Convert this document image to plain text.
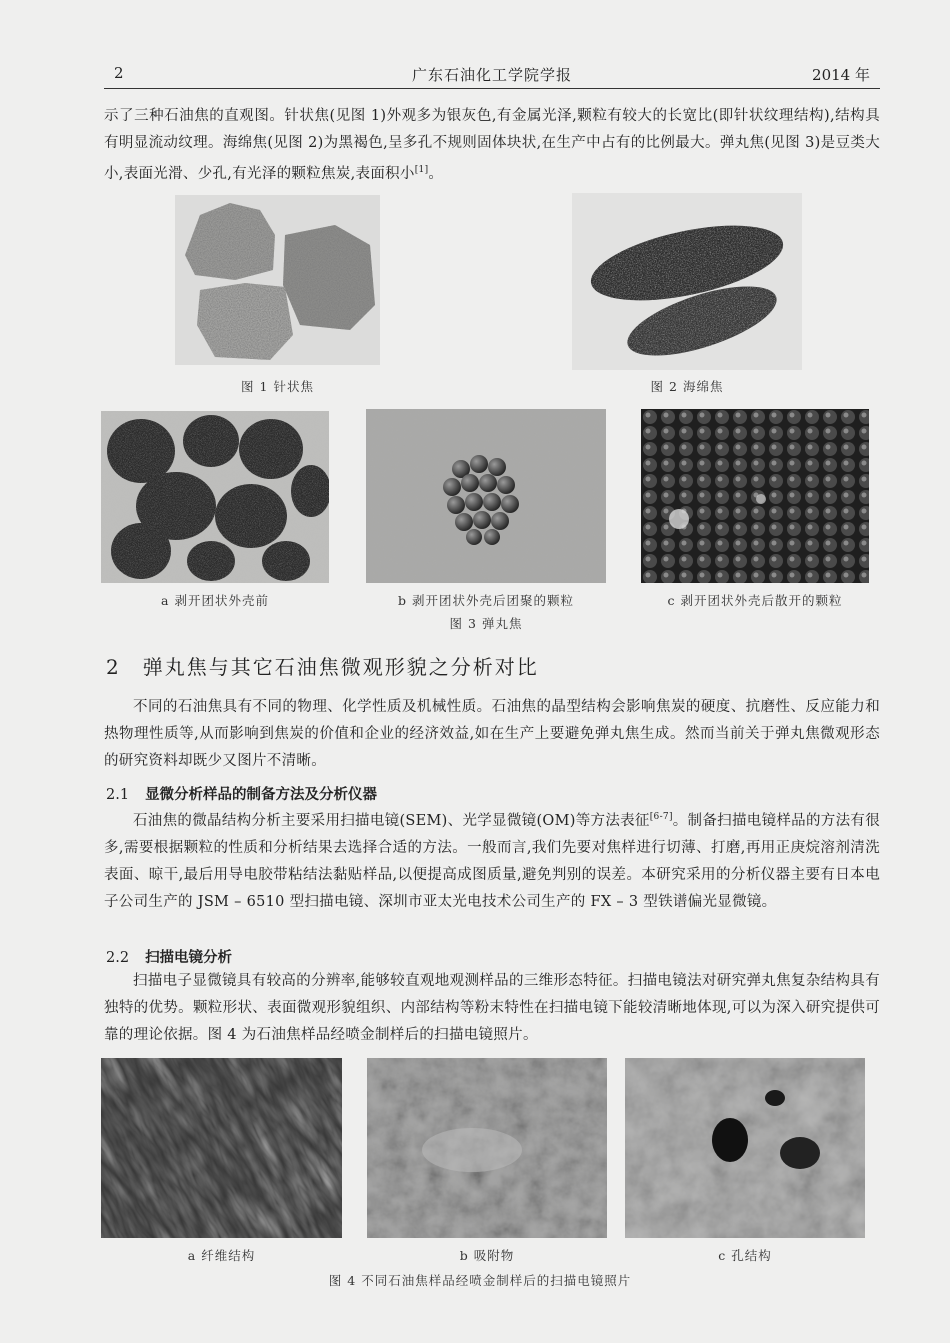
2	广东石油化工学院学报	2014 年
示了三种石油焦的直观图。针状焦(见图 1)外观多为银灰色,有金属光泽,颗粒有较大的长宽比(即针状纹理结构),结构具有明显流动纹理。海绵焦(见图 2)为黑褐色,呈多孔不规则固体块状,在生产中占有的比例最大。弹丸焦(见图 3)是豆类大小,表面光滑、少孔,有光泽的颗粒焦炭,表面积小[1]。
图 1 针状焦	图 2 海绵焦
a 剥开团状外壳前	b 剥开团状外壳后团聚的颗粒	c 剥开团状外壳后散开的颗粒
图 3 弹丸焦
2 弹丸焦与其它石油焦微观形貌之分析对比
不同的石油焦具有不同的物理、化学性质及机械性质。石油焦的晶型结构会影响焦炭的硬度、抗磨性、反应能力和热物理性质等,从而影响到焦炭的价值和企业的经济效益,如在生产上要避免弹丸焦生成。然而当前关于弹丸焦微观形态的研究资料却既少又图片不清晰。
2.1 显微分析样品的制备方法及分析仪器
石油焦的微晶结构分析主要采用扫描电镜(SEM)、光学显微镜(OM)等方法表征[6-7]。制备扫描电镜样品的方法有很多,需要根据颗粒的性质和分析结果去选择合适的方法。一般而言,我们先要对焦样进行切薄、打磨,再用正庚烷溶剂清洗表面、晾干,最后用导电胶带粘结法黏贴样品,以便提高成图质量,避免判别的误差。本研究采用的分析仪器主要有日本电子公司生产的 JSM – 6510 型扫描电镜、深圳市亚太光电技术公司生产的 FX – 3 型铁谱偏光显微镜。
2.2 扫描电镜分析
扫描电子显微镜具有较高的分辨率,能够较直观地观测样品的三维形态特征。扫描电镜法对研究弹丸焦复杂结构具有独特的优势。颗粒形状、表面微观形貌组织、内部结构等粉末特性在扫描电镜下能较清晰地体现,可以为深入研究提供可靠的理论依据。图 4 为石油焦样品经喷金制样后的扫描电镜照片。
a 纤维结构	b 吸附物	c 孔结构
图 4 不同石油焦样品经喷金制样后的扫描电镜照片
